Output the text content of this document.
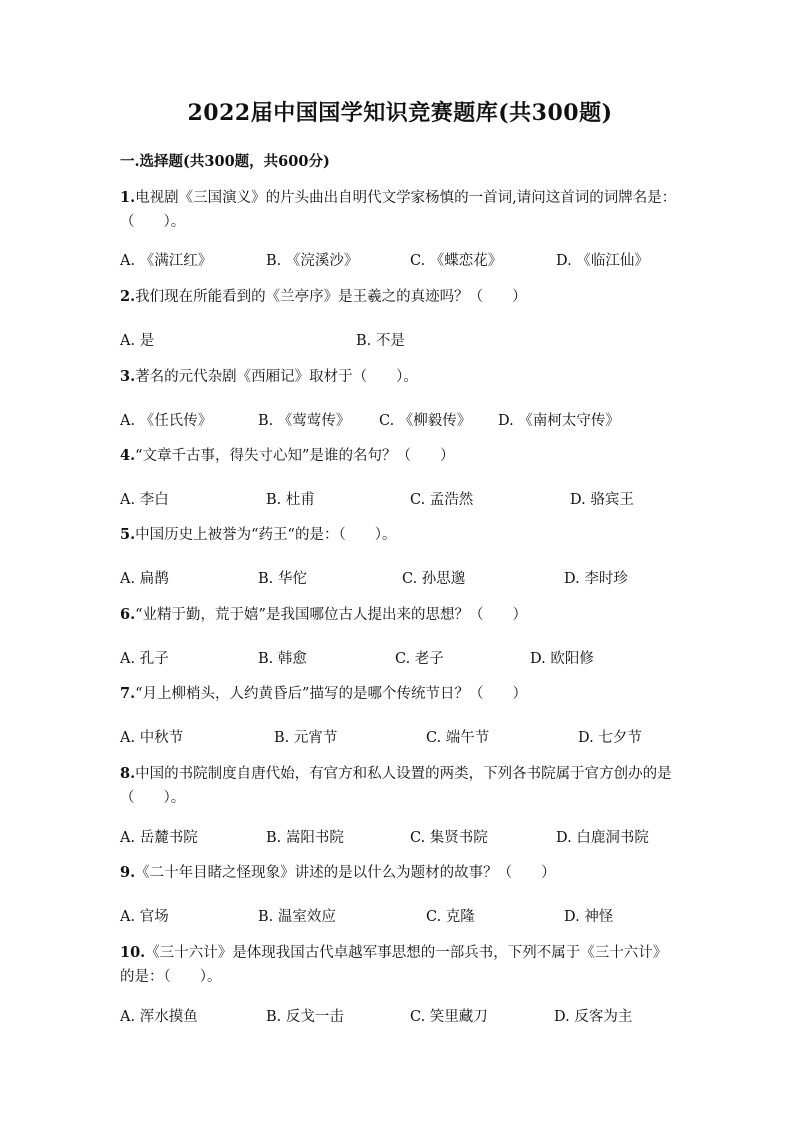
2022届中国国学知识竞赛题库(共300题)
一.选择题(共300题，共600分)
1.电视剧《三国演义》的片头曲出自明代文学家杨慎的一首词,请问这首词的词牌名是：（　　）。
A. 《满江红》	B. 《浣溪沙》	C. 《蝶恋花》	D. 《临江仙》
2.我们现在所能看到的《兰亭序》是王羲之的真迹吗？（　　）
A. 是	B. 不是
3.著名的元代杂剧《西厢记》取材于（　　）。
A. 《任氏传》	B. 《莺莺传》 C. 《柳毅传》 D. 《南柯太守传》
4.“文章千古事，得失寸心知”是谁的名句？（　　）
A. 李白	B. 杜甫	C. 孟浩然	D. 骆宾王
5.中国历史上被誉为“药王“的是：（　　）。
A. 扁鹊	B. 华佗	C. 孙思邈	D. 李时珍
6.“业精于勤，荒于嬉”是我国哪位古人提出来的思想？（　　）
A. 孔子	B. 韩愈	C. 老子	D. 欧阳修
7.“月上柳梢头，人约黄昏后”描写的是哪个传统节日？（　　）
A. 中秋节	B. 元宵节	C. 端午节	D. 七夕节
8.中国的书院制度自唐代始，有官方和私人设置的两类，下列各书院属于官方创办的是（　　）。
A. 岳麓书院	B. 嵩阳书院	C. 集贤书院	D. 白鹿洞书院
9.《二十年目睹之怪现象》讲述的是以什么为题材的故事？（　　）
A. 官场	B. 温室效应	C. 克隆	D. 神怪
10.《三十六计》是体现我国古代卓越军事思想的一部兵书，下列不属于《三十六计》的是：（　　）。
A. 浑水摸鱼	B. 反戈一击	C. 笑里藏刀	D. 反客为主
